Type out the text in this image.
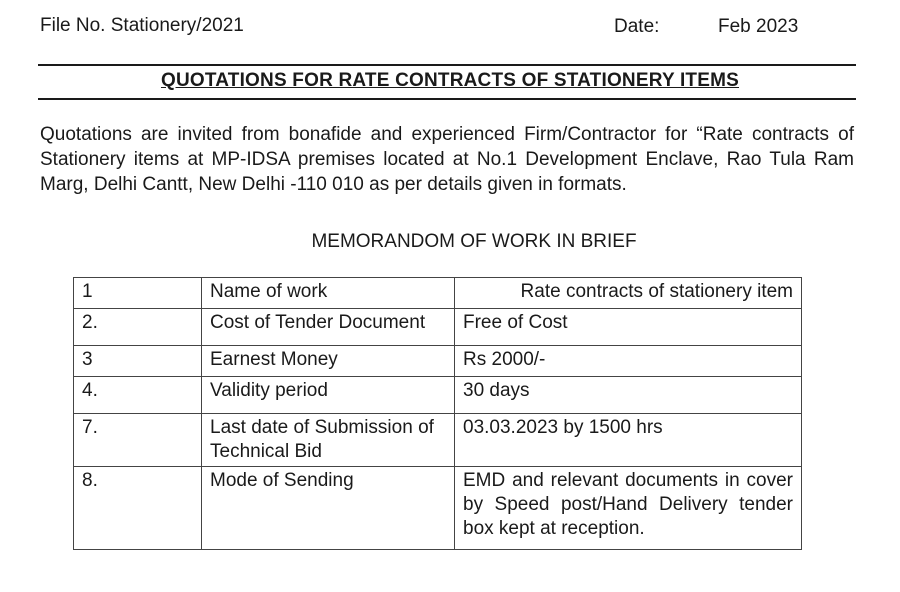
File No. Stationery/2021	Date:	Feb 2023
QUOTATIONS FOR RATE CONTRACTS OF STATIONERY ITEMS
Quotations are invited from bonafide and experienced Firm/Contractor for “Rate contracts of Stationery items at MP-IDSA premises located at No.1 Development Enclave, Rao Tula Ram Marg, Delhi Cantt, New Delhi -110 010 as per details given in formats.
MEMORANDOM OF WORK IN BRIEF
1	Name of work	Rate contracts of stationery item
2.	Cost of Tender Document	Free of Cost
3	Earnest Money	Rs 2000/-
4.	Validity period	30 days
7.	Last date of Submission of Technical Bid	03.03.2023 by 1500 hrs
8.	Mode of Sending	EMD and relevant documents in cover by Speed post/Hand Delivery tender box kept at reception.
